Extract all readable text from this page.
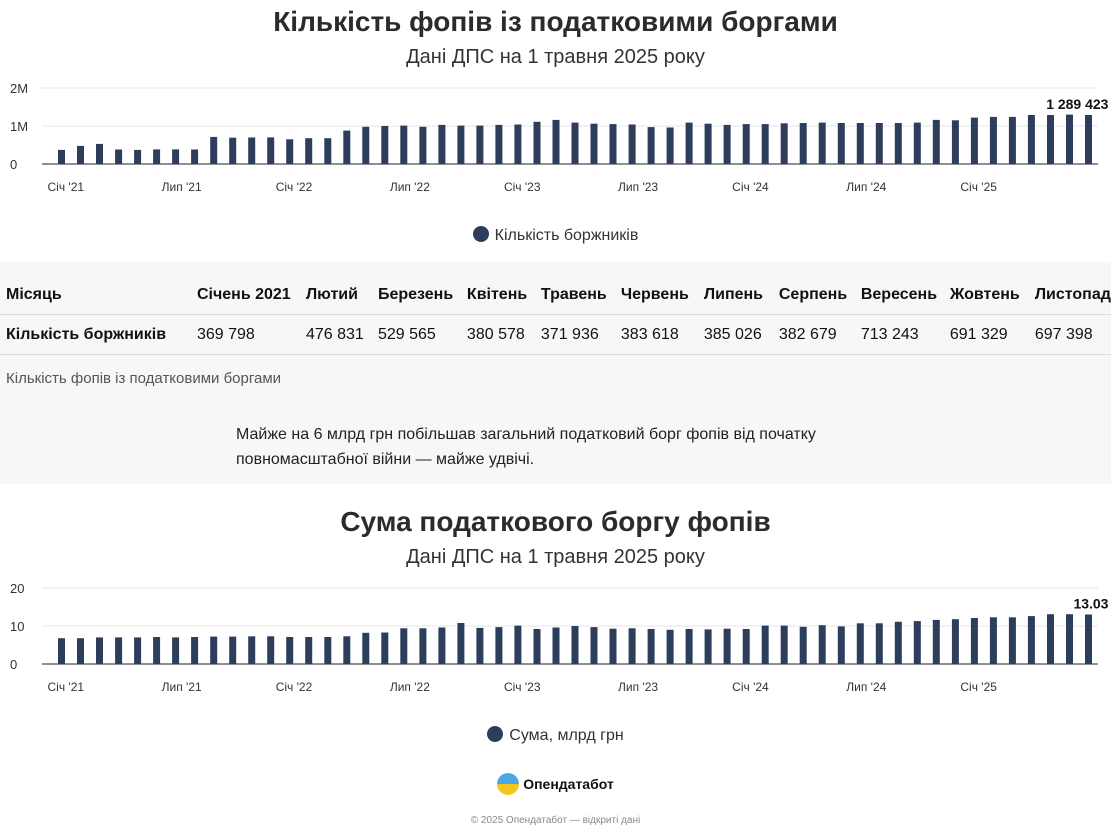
Кількість фопів із податковими боргами
Дані ДПС на 1 травня 2025 року
0
1M
2M
Січ '21	Лип '21	Січ '22	Лип '22	Січ '23	Лип '23	Січ '24	Лип '24	Січ '25
1 289 423
Кількість боржників
Місяць	Січень 2021	Лютий	Березень	Квітень	Травень	Червень	Липень	Серпень	Вересень	Жовтень	Листопад
Кількість боржників	369 798	476 831	529 565	380 578	371 936	383 618	385 026	382 679	713 243	691 329	697 398
Кількість фопів із податковими боргами
Майже на 6 млрд грн побільшав загальний податковий борг фопів від початку повномасштабної війни — майже удвічі.
Сума податкового боргу фопів
Дані ДПС на 1 травня 2025 року
0
10
20
Січ '21	Лип '21	Січ '22	Лип '22	Січ '23	Лип '23	Січ '24	Лип '24	Січ '25
13.03
Сума, млрд грн
Опендатабот
© 2025 Опендатабот — відкриті дані
